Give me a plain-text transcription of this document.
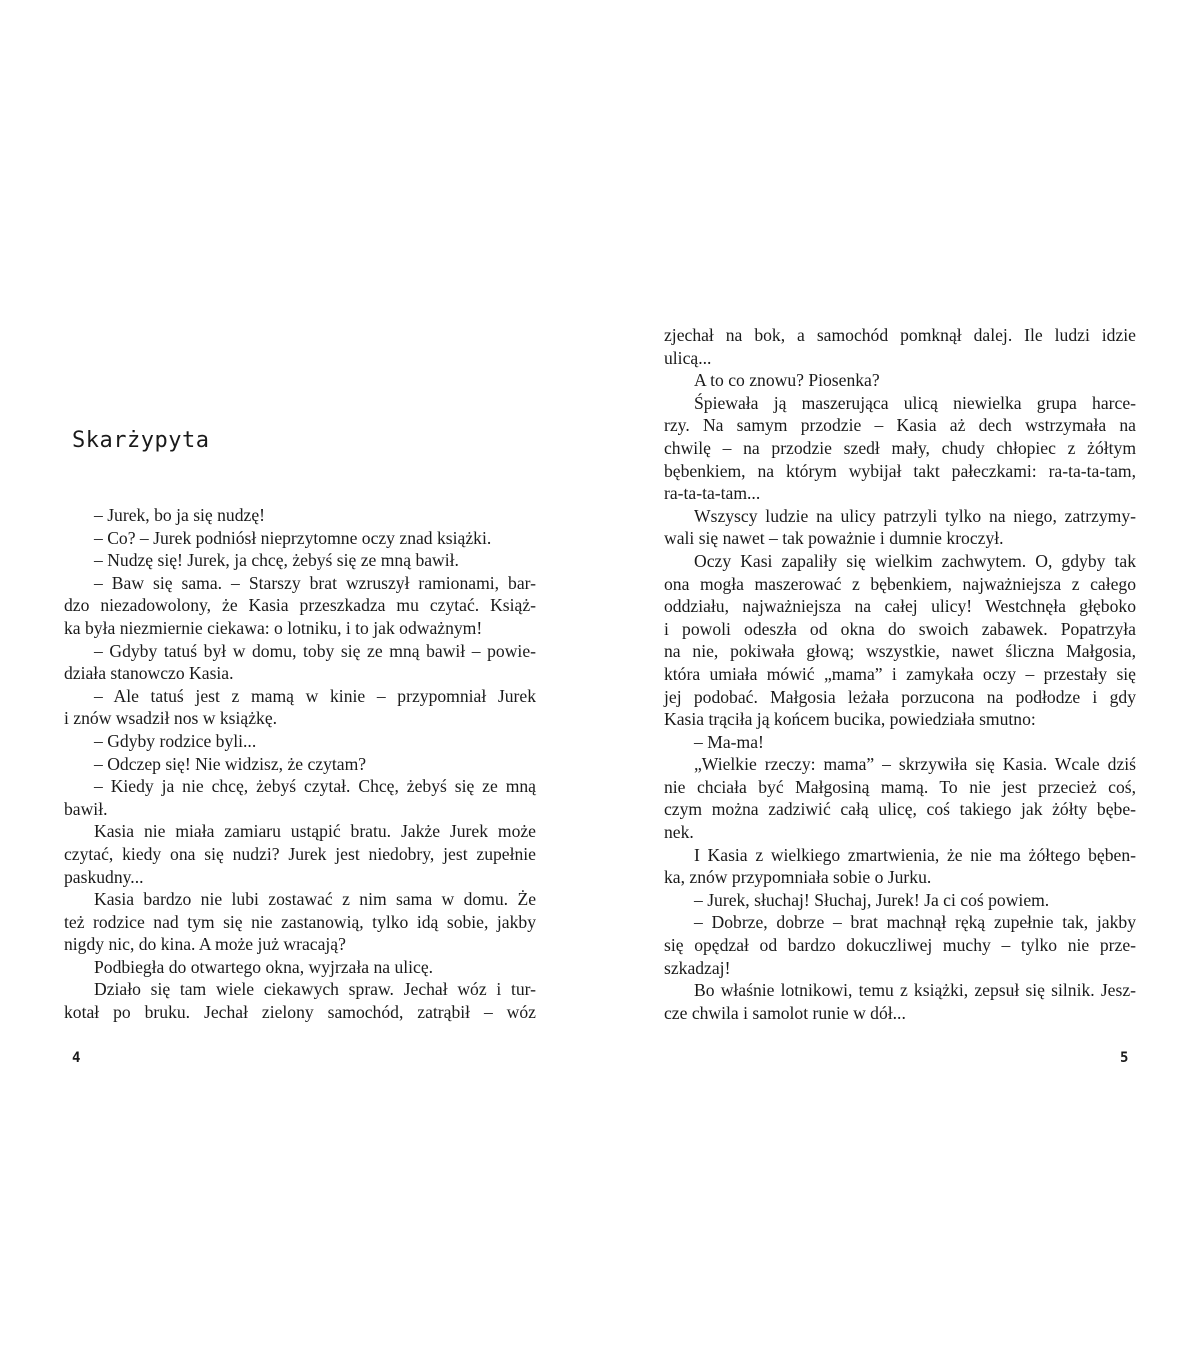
Skarżypyta
– Jurek, bo ja się nudzę!
– Co? – Jurek podniósł nieprzytomne oczy znad książki.
– Nudzę się! Jurek, ja chcę, żebyś się ze mną bawił.
– Baw się sama. – Starszy brat wzruszył ramionami, bar-
dzo niezadowolony, że Kasia przeszkadza mu czytać. Książ-
ka była niezmiernie ciekawa: o lotniku, i to jak odważnym!
– Gdyby tatuś był w domu, toby się ze mną bawił – powie-
działa stanowczo Kasia.
– Ale tatuś jest z mamą w kinie – przypomniał Jurek
i znów wsadził nos w książkę.
– Gdyby rodzice byli...
– Odczep się! Nie widzisz, że czytam?
– Kiedy ja nie chcę, żebyś czytał. Chcę, żebyś się ze mną
bawił.
Kasia nie miała zamiaru ustąpić bratu. Jakże Jurek może
czytać, kiedy ona się nudzi? Jurek jest niedobry, jest zupełnie
paskudny...
Kasia bardzo nie lubi zostawać z nim sama w domu. Że
też rodzice nad tym się nie zastanowią, tylko idą sobie, jakby
nigdy nic, do kina. A może już wracają?
Podbiegła do otwartego okna, wyjrzała na ulicę.
Działo się tam wiele ciekawych spraw. Jechał wóz i tur-
kotał po bruku. Jechał zielony samochód, zatrąbił – wóz
4
zjechał na bok, a samochód pomknął dalej. Ile ludzi idzie
ulicą...
A to co znowu? Piosenka?
Śpiewała ją maszerująca ulicą niewielka grupa harce-
rzy. Na samym przodzie – Kasia aż dech wstrzymała na
chwilę – na przodzie szedł mały, chudy chłopiec z żółtym
bębenkiem, na którym wybijał takt pałeczkami: ra-ta-ta-tam,
ra-ta-ta-tam...
Wszyscy ludzie na ulicy patrzyli tylko na niego, zatrzymy-
wali się nawet – tak poważnie i dumnie kroczył.
Oczy Kasi zapaliły się wielkim zachwytem. O, gdyby tak
ona mogła maszerować z bębenkiem, najważniejsza z całego
oddziału, najważniejsza na całej ulicy! Westchnęła głęboko
i powoli odeszła od okna do swoich zabawek. Popatrzyła
na nie, pokiwała głową; wszystkie, nawet śliczna Małgosia,
która umiała mówić „mama” i zamykała oczy – przestały się
jej podobać. Małgosia leżała porzucona na podłodze i gdy
Kasia trąciła ją końcem bucika, powiedziała smutno:
– Ma-ma!
„Wielkie rzeczy: mama” – skrzywiła się Kasia. Wcale dziś
nie chciała być Małgosiną mamą. To nie jest przecież coś,
czym można zadziwić całą ulicę, coś takiego jak żółty bębe-
nek.
I Kasia z wielkiego zmartwienia, że nie ma żółtego bęben-
ka, znów przypomniała sobie o Jurku.
– Jurek, słuchaj! Słuchaj, Jurek! Ja ci coś powiem.
– Dobrze, dobrze – brat machnął ręką zupełnie tak, jakby
się opędzał od bardzo dokuczliwej muchy – tylko nie prze-
szkadzaj!
Bo właśnie lotnikowi, temu z książki, zepsuł się silnik. Jesz-
cze chwila i samolot runie w dół...
5
